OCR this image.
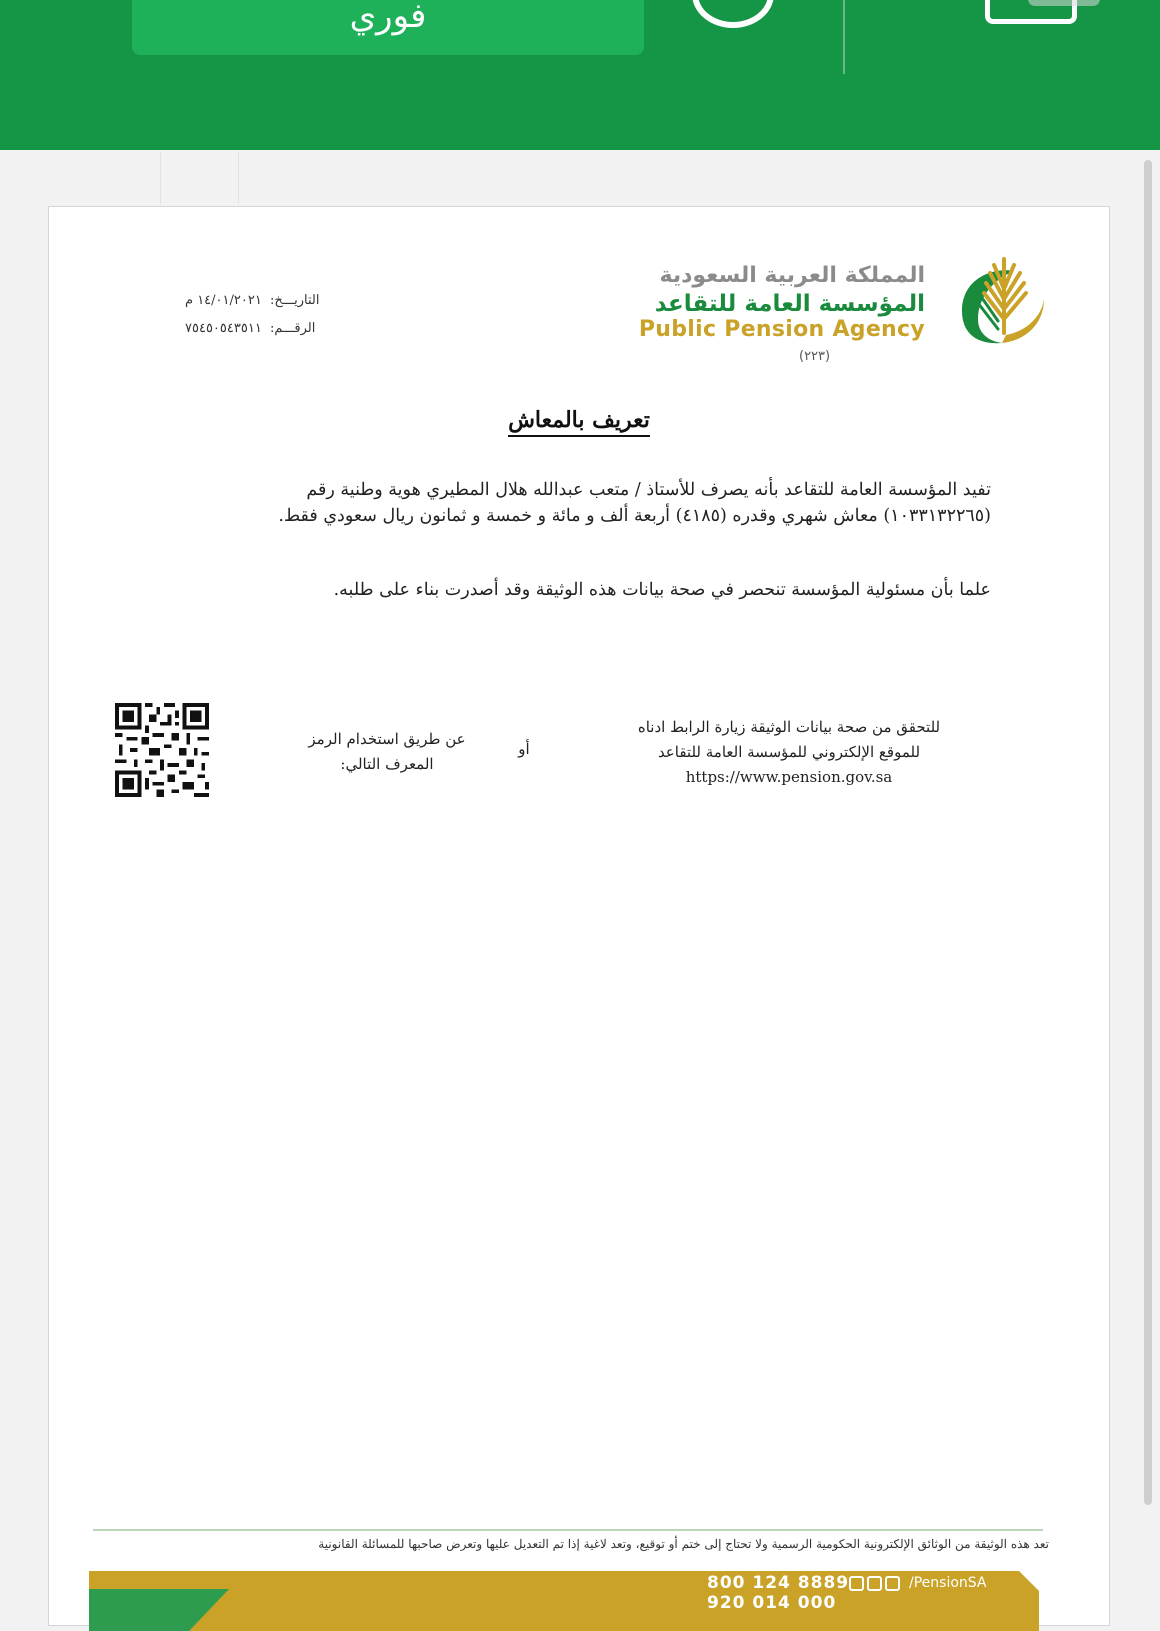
فوري
المملكة العربية السعودية
المؤسسة العامة للتقاعد
Public Pension Agency
(٢٢٣)
التاريـــخ: ١٤/٠١/٢٠٢١ م
الرقـــم: ٧٥٤٥٠٥٤٣٥١١
تعريف بالمعاش
تفيد المؤسسة العامة للتقاعد بأنه يصرف للأستاذ / متعب عبدالله هلال المطيري هوية وطنية رقم
(١٠٣٣١٣٢٢٦٥) معاش شهري وقدره (٤١٨٥) أربعة ألف و مائة و خمسة و ثمانون ريال سعودي فقط.
علما بأن مسئولية المؤسسة تنحصر في صحة بيانات هذه الوثيقة وقد أصدرت بناء على طلبه.
للتحقق من صحة بيانات الوثيقة زيارة الرابط ادناه
للموقع الإلكتروني للمؤسسة العامة للتقاعد
https://www.pension.gov.sa
أو
عن طريق استخدام الرمز
المعرف التالي:
تعد هذه الوثيقة من الوثائق الإلكترونية الحكومية الرسمية ولا تحتاج إلى ختم أو توقيع، وتعد لاغية إذا تم التعديل عليها وتعرض صاحبها للمسائلة القانونية
800 124 8889
920 014 000
/PensionSA
